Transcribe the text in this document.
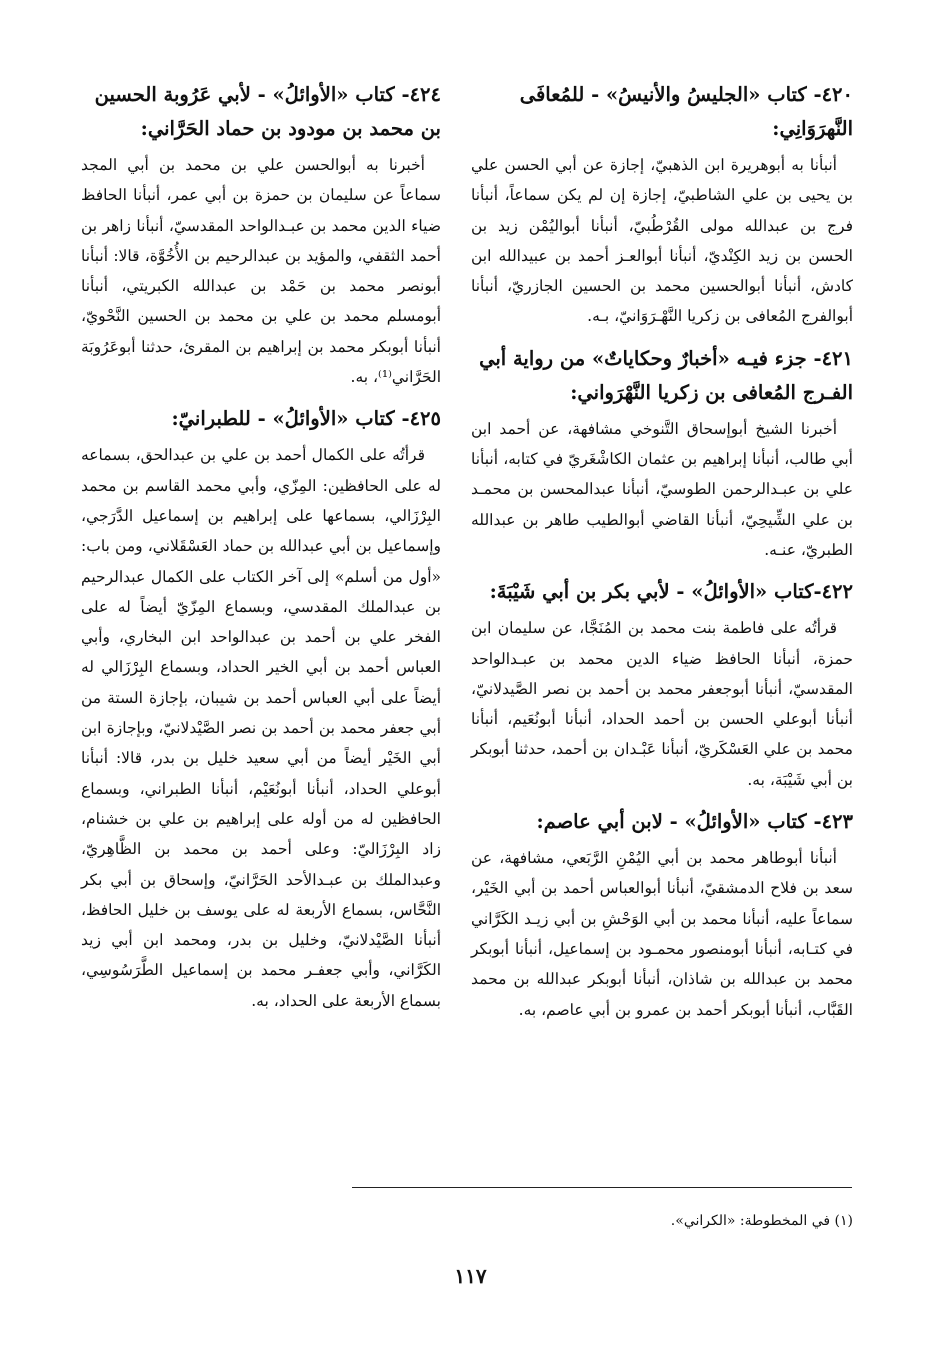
٤٢٠- كتاب «الجليسُ والأنيسُ» - للمُعافَى النَّهرَوَانِي:

أنبأنا به أبوهريرة ابن الذهبيّ، إجازة عن أبي الحسن علي بن يحيى بن علي الشاطبيّ، إجازة إن لم يكن سماعاً، أنبأنا فرج بن عبدالله مولى القُرْطُبيّ، أنبأنا أبواليُمْن زيد بن الحسن بن زيد الكِنْديّ، أنبأنا أبوالعـز أحمد بن عبيدالله ابن كادش، أنبأنا أبوالحسين محمد بن الحسين الجازريّ، أنبأنا أبوالفرج المُعافى بن زكريا النَّهْـرَوَانيّ، بـه.

٤٢١- جزء فيـه «أخبارٌ وحكاياتٌ» من رواية أبي الفـرج المُعافى بن زكريا النَّهْرَواني:

أخبرنا الشيخ أبوإسحاق التَّنوخي مشافهة، عن أحمد ابن أبي طالب، أنبأنا إبراهيم بن عثمان الكاشْغَريّ في كتابه، أنبأنا علي بن عبـدالرحمن الطوسيّ، أنبأنا عبدالمحسن بن محمـد بن علي الشِّيحِيّ، أنبأنا القاضي أبوالطيب طاهر بن عبدالله الطبريّ، عنـه.

٤٢٢-كتاب «الأوائلُ» - لأبي بكر بن أبي شَيْبَةَ:

قرأتُه على فاطمة بنت محمد بن المُنَجَّا، عن سليمان ابن حمزة، أنبأنا الحافظ ضياء الدين محمد بن عبـدالواحد المقدسيّ، أنبأنا أبوجعفر محمد بن أحمد بن نصر الصَّيدلانيّ، أنبأنا أبوعلي الحسن بن أحمد الحداد، أنبأنا أبونُعَيم، أنبأنا محمد بن علي العَسْكَريّ، أنبأنا عَبْـدان بن أحمد، حدثنا أبوبكر بن أبي شَيْبَة، به.

٤٢٣- كتاب «الأوائلُ» - لابن أبي عاصم:

أنبأنا أبوطاهر محمد بن أبي اليُمْنِ الرَّبَعي، مشافهة، عن سعد بن فلاح الدمشقيّ، أنبأنا أبوالعباس أحمد بن أبي الخَيْر، سماعاً عليه، أنبأنا محمد بن أبي الوَحْشِ بن أبي زيـد الكَرَّاني في كتـابه، أنبأنا أبومنصور محمـود بن إسماعيل، أنبأنا أبوبكر محمد بن عبدالله بن شاذان، أنبأنا أبوبكر عبدالله بن محمد القَبَّاب، أنبأنا أبوبكر أحمد بن عمرو بن أبي عاصم، به.

٤٢٤- كتاب «الأوائلُ» - لأبي عَرُوبة الحسين بن محمد بن مودود بن حماد الحَرَّاني:

أخبرنا به أبوالحسن علي بن محمد بن أبي المجد سماعاً عن سليمان بن حمزة بن أبي عمر، أنبأنا الحافظ ضياء الدين محمد بن عبـدالواحد المقدسيّ، أنبأنا زاهر بن أحمد الثقفي، والمؤيد بن عبدالرحيم بن الأُخُوَّة، قالا: أنبأنا أبونصر محمد بن حَمْد بن عبدالله الكبريتي، أنبأنا أبومسلم محمد بن علي بن محمد بن الحسين النَّحْويّ، أنبأنا أبوبكر محمد بن إبراهيم بن المقرئ، حدثنا أبوعَرُوبَة الحَرَّاني⁽¹⁾، به.

٤٢٥- كتاب «الأوائلُ» - للطبرانيّ:

قرأتُه على الكمال أحمد بن علي بن عبدالحق، بسماعه له على الحافظين: المِزّي، وأبي محمد القاسم بن محمد البِرْزَالي، بسماعها على إبراهيم بن إسماعيل الدَّرَجي، وإسماعيل بن أبي عبدالله بن حماد العَسْقَلاني، ومن باب: «أول من أسلم» إلى آخر الكتاب على الكمال عبدالرحيم بن عبدالملك المقدسي، وبسماع المِزّيّ أيضاً له على الفخر علي بن أحمد بن عبدالواحد ابن البخاري، وأبي العباس أحمد بن أبي الخير الحداد، وبسماع البِرْزَالي له أيضاً على أبي العباس أحمد بن شيبان، بإجازة الستة من أبي جعفر محمد بن أحمد بن نصر الصَّيْدلانيّ، وبإجازة ابن أبي الخَيْر أيضاً من أبي سعيد خليل بن بدر، قالا: أنبأنا أبوعلي الحداد، أنبأنا أبونُعَيْم، أنبأنا الطبراني، وبسماع الحافظين له من أوله على إبراهيم بن علي بن خشنام، زاد البِرْزَاليّ: وعلى أحمد بن محمد بن الظَّاهِريّ، وعبدالملك بن عبـدالأحد الحَرَّانيّ، وإسحاق بن أبي بكر النَّحَّاس، بسماع الأربعة له على يوسف بن خليل الحافظ، أنبأنا الصَّيْدلانيّ، وخليل بن بدر، ومحمد ابن أبي زيد الكَرَّاني، وأبي جعفـر محمد بن إسماعيل الطَّرَسُوسِي، بسماع الأربعة على الحداد، به.

(١) في المخطوطة: «الكراني».
١١٧
